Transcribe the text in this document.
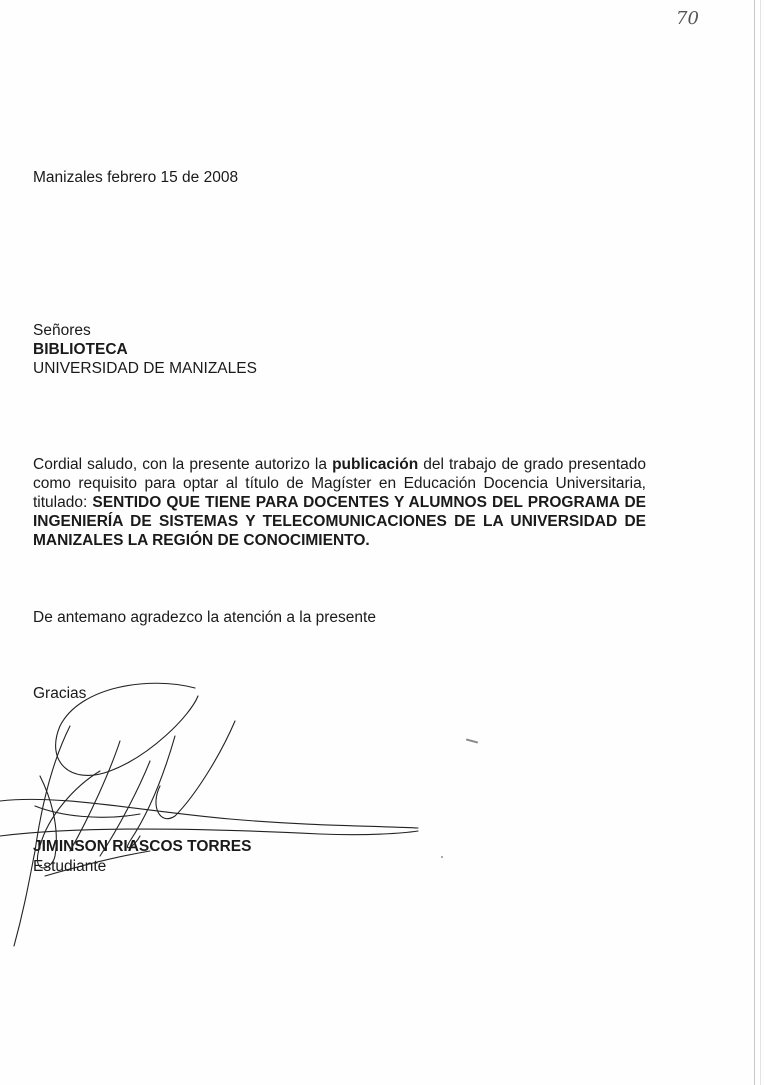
70
Manizales febrero 15 de 2008
Señores
BIBLIOTECA
UNIVERSIDAD DE MANIZALES
Cordial saludo, con la presente autorizo la publicación del trabajo de grado presentado como requisito para optar al título de Magíster en Educación Docencia Universitaria, titulado: SENTIDO QUE TIENE PARA DOCENTES Y ALUMNOS DEL PROGRAMA DE INGENIERÍA DE SISTEMAS Y TELECOMUNICACIONES DE LA UNIVERSIDAD DE MANIZALES LA REGIÓN DE CONOCIMIENTO.
De antemano agradezco la atención a la presente
Gracias
JIMINSON RIASCOS TORRES
Estudiante
